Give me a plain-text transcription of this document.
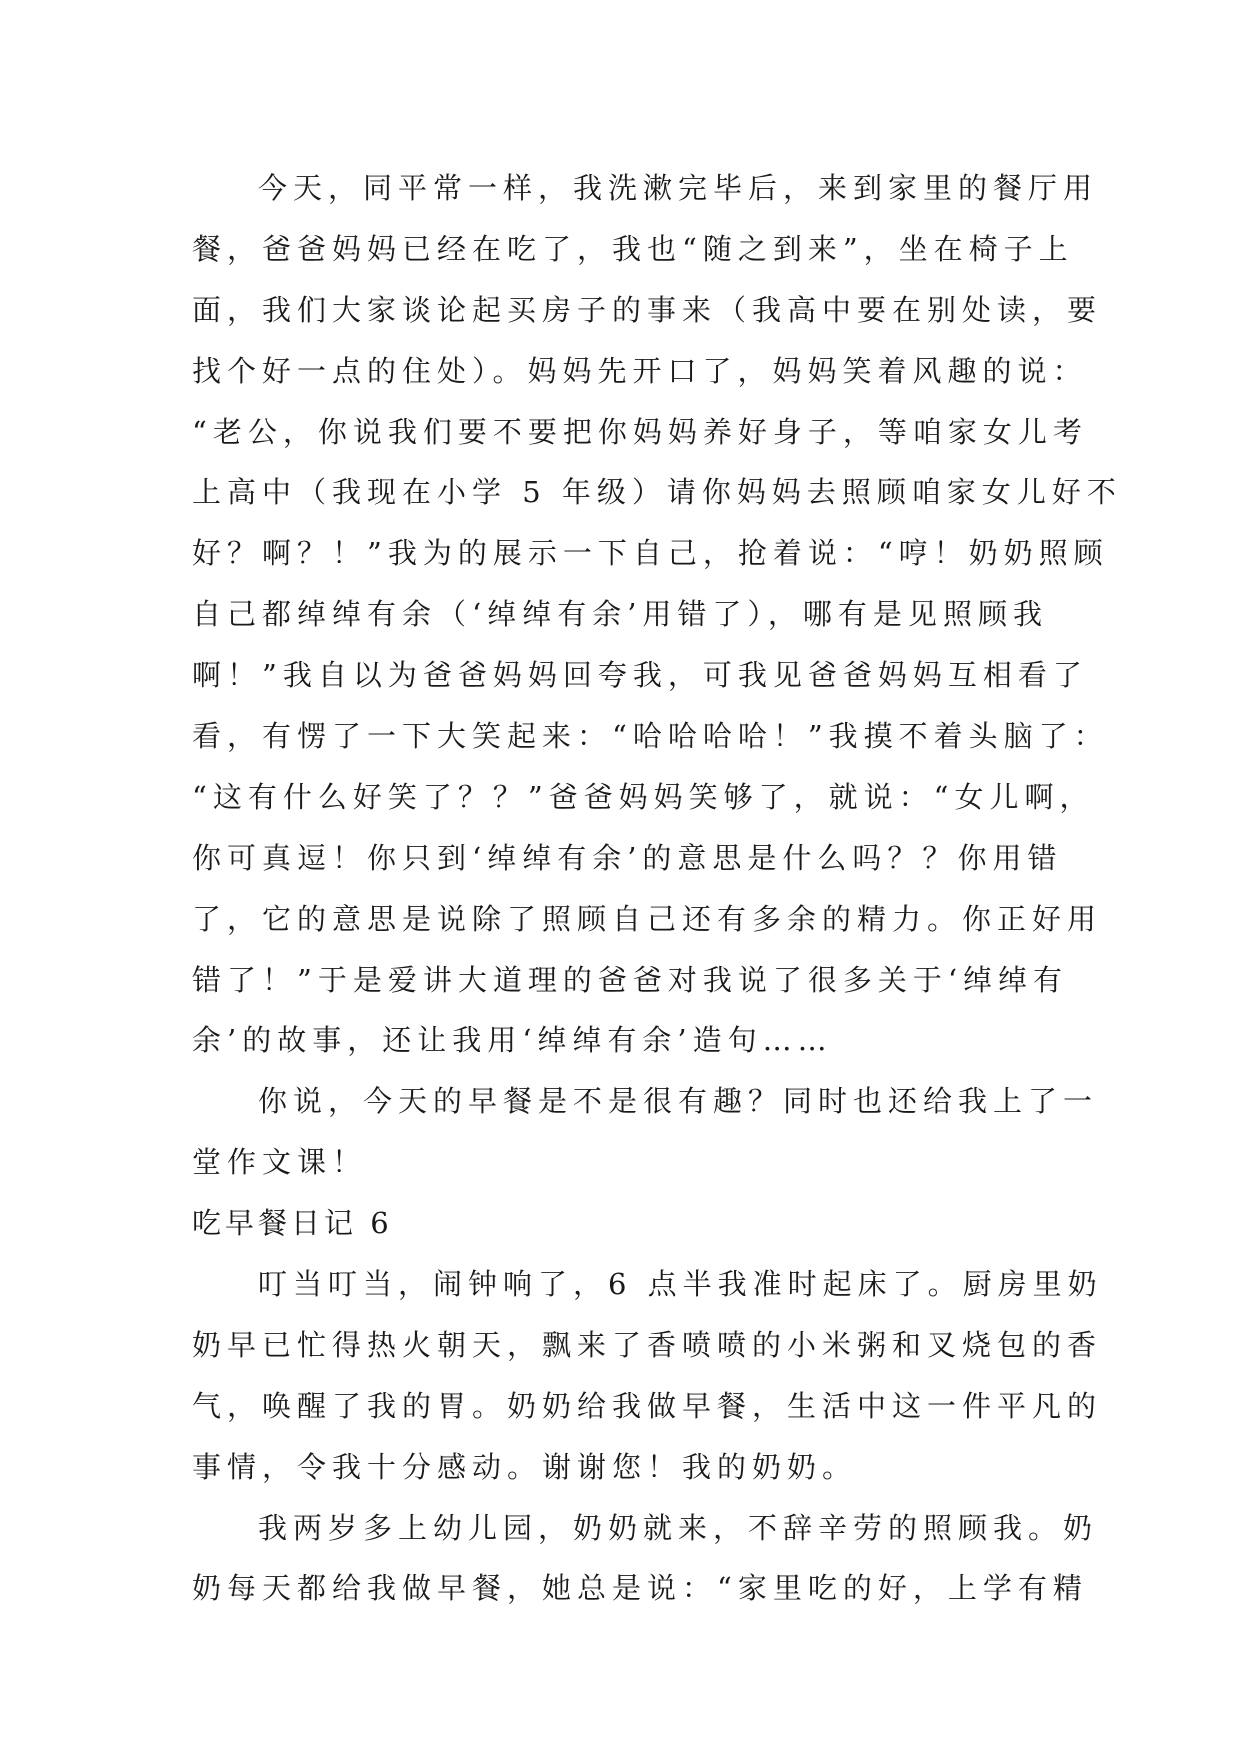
今天，同平常一样，我洗漱完毕后，来到家里的餐厅用
餐，爸爸妈妈已经在吃了，我也“随之到来”，坐在椅子上
面，我们大家谈论起买房子的事来（我高中要在别处读，要
找个好一点的住处）。妈妈先开口了，妈妈笑着风趣的说：
“老公，你说我们要不要把你妈妈养好身子，等咱家女儿考
上高中（我现在小学 5 年级）请你妈妈去照顾咱家女儿好不
好？啊？！”我为的展示一下自己，抢着说：“哼！奶奶照顾
自己都绰绰有余（‘绰绰有余’用错了），哪有是见照顾我
啊！”我自以为爸爸妈妈回夸我，可我见爸爸妈妈互相看了
看，有愣了一下大笑起来：“哈哈哈哈！”我摸不着头脑了：
“这有什么好笑了？？”爸爸妈妈笑够了，就说：“女儿啊，
你可真逗！你只到‘绰绰有余’的意思是什么吗？？你用错
了，它的意思是说除了照顾自己还有多余的精力。你正好用
错了！”于是爱讲大道理的爸爸对我说了很多关于‘绰绰有
余’的故事，还让我用‘绰绰有余’造句……
你说，今天的早餐是不是很有趣？同时也还给我上了一
堂作文课！
吃早餐日记 6
叮当叮当，闹钟响了，6 点半我准时起床了。厨房里奶
奶早已忙得热火朝天，飘来了香喷喷的小米粥和叉烧包的香
气，唤醒了我的胃。奶奶给我做早餐，生活中这一件平凡的
事情，令我十分感动。谢谢您！我的奶奶。
我两岁多上幼儿园，奶奶就来，不辞辛劳的照顾我。奶
奶每天都给我做早餐，她总是说：“家里吃的好，上学有精
